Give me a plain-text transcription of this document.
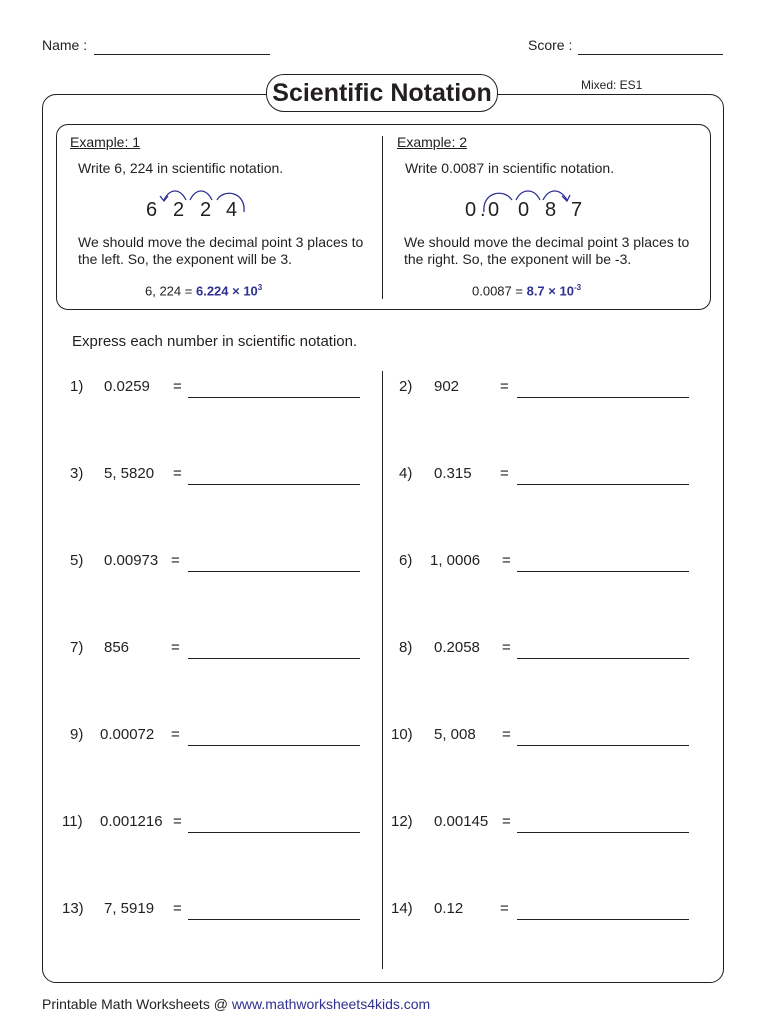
Name :	Score :
Scientific Notation	Mixed: ES1
Example: 1
Write 6, 224 in scientific notation.
6 2 2 4
We should move the decimal point 3 places to
the left. So, the exponent will be 3.
6, $224 = 6.224 \times 10^3$
Example: 2
Write 0.0087 in scientific notation.
0 . 0 0 8 7
We should move the decimal point 3 places to
the right. So, the exponent will be -3.
$0.0087 = 8.7 \times 10^{-3}$
Express each number in scientific notation.
1) 0.0259 =
3) 5, 5820 =
5) 0.00973 =
7) 856	=
9) 0.00072 =
11) 0.001216 =
13) 7, 5919 =
2) 902	=
4) 0.315 =
6) 1, 0006 =
8) 0.2058 =
10) 5, 008 =
12) 0.00145 =
14) 0.12 =
Printable Math Worksheets @ www.mathworksheets4kids.com
